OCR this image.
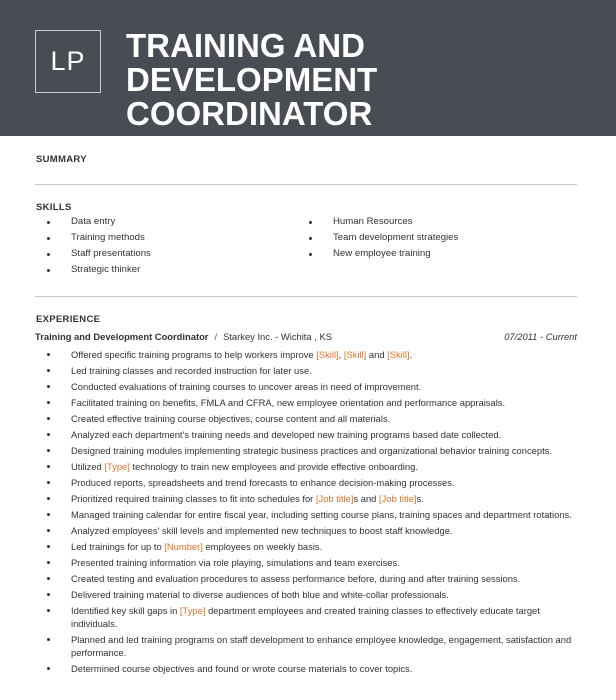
LP	TRAINING AND
DEVELOPMENT
COORDINATOR
SUMMARY
SKILLS
Data entry
Training methods
Staff presentations
Strategic thinker
Human Resources
Team development strategies
New employee training
EXPERIENCE
Training and Development Coordinator / Starkey Inc. - Wichita , KS	07/2011 - Current
Offered specific training programs to help workers improve [Skill], [Skill] and [Skill].
Led training classes and recorded instruction for later use.
Conducted evaluations of training courses to uncover areas in need of improvement.
Facilitated training on benefits, FMLA and CFRA, new employee orientation and performance appraisals.
Created effective training course objectives, course content and all materials.
Analyzed each department's training needs and developed new training programs based date collected.
Designed training modules implementing strategic business practices and organizational behavior training concepts.
Utilized [Type] technology to train new employees and provide effective onboarding.
Produced reports, spreadsheets and trend forecasts to enhance decision-making processes.
Prioritized required training classes to fit into schedules for [Job title]s and [Job title]s.
Managed training calendar for entire fiscal year, including setting course plans, training spaces and department rotations.
Analyzed employees' skill levels and implemented new techniques to boost staff knowledge.
Led trainings for up to [Number] employees on weekly basis.
Presented training information via role playing, simulations and team exercises.
Created testing and evaluation procedures to assess performance before, during and after training sessions.
Delivered training material to diverse audiences of both blue and white-collar professionals.
Identified key skill gaps in [Type] department employees and created training classes to effectively educate target individuals.
Planned and led training programs on staff development to enhance employee knowledge, engagement, satisfaction and performance.
Determined course objectives and found or wrote course materials to cover topics.
